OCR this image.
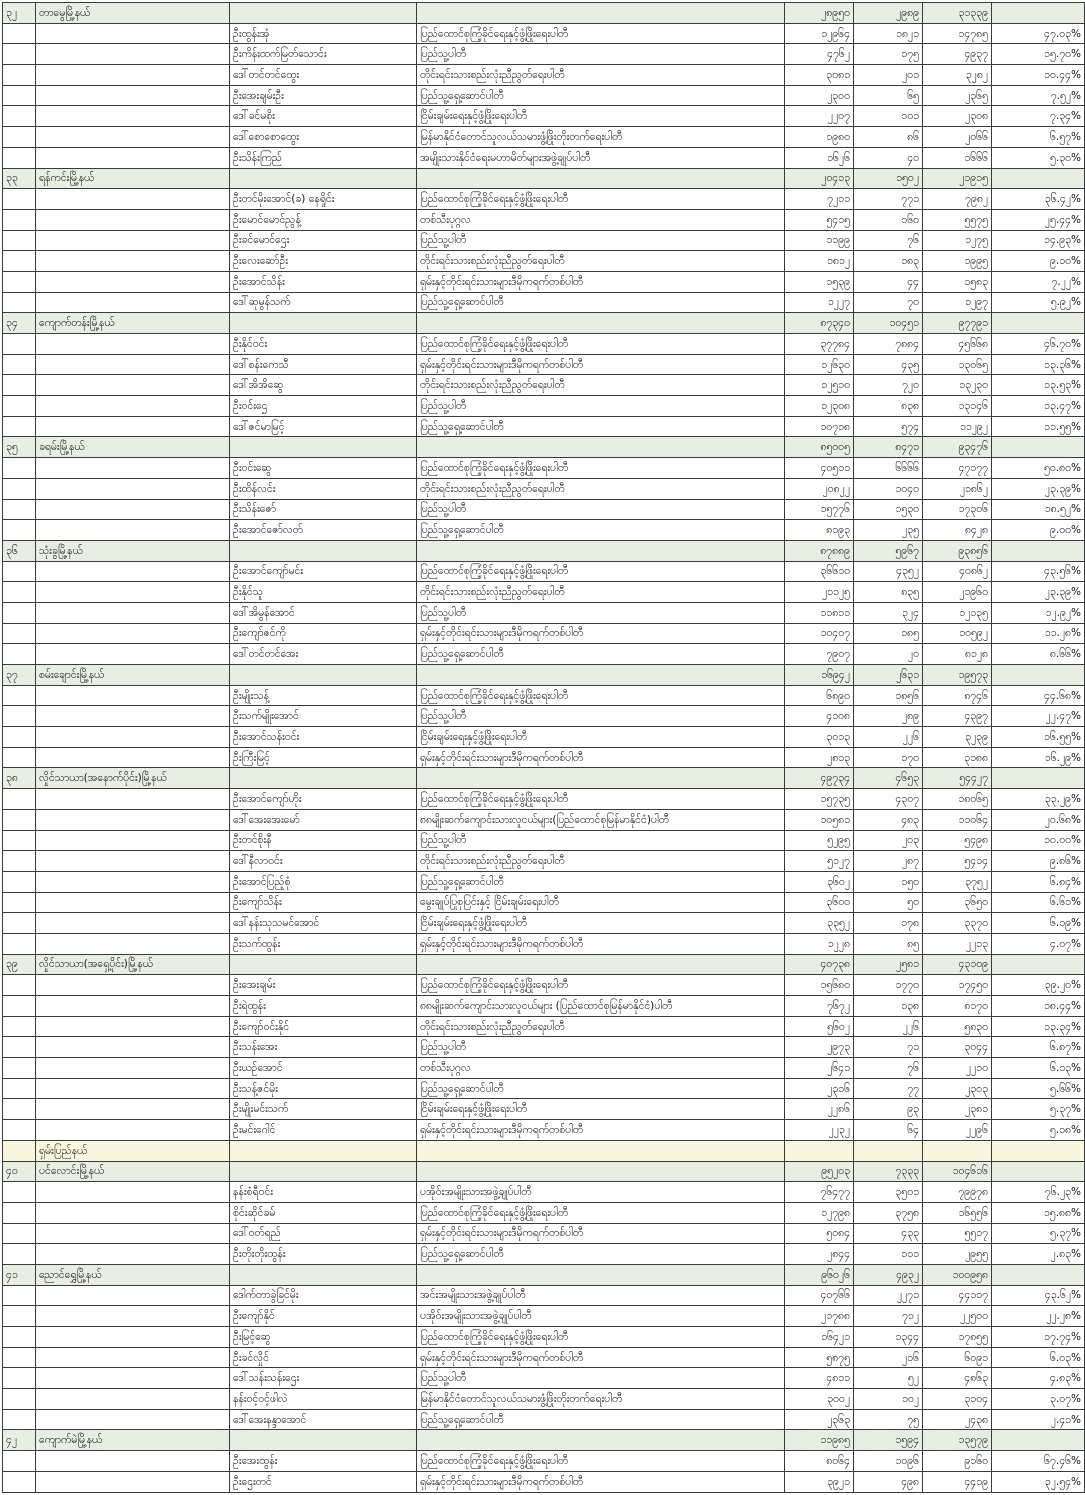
၃၂	တာမွေမြို့နယ်			၂၈၉၅၀	၂၉၈၉	၃၁၃၃၉	
		ဦးထွန်းအုံ	ပြည်ထောင်စုကြံ့ခိုင်ရေးနှင့်ဖွံ့ဖြိုးရေးပါတီ	၁၂၉၆၄	၁၈၂၁	၁၄၇၈၅	၄၇.၀၃%
		ဦးကိန်းထက်မြတ်သောင်း	ပြည်သူ့ပါတီ	၄၇၆၂	၁၇၅	၄၉၃၇	၁၅.၇၀%
		ဒေါ်တင်တင်ထွေး	တိုင်းရင်းသားစည်းလုံးညီညွတ်ရေးပါတီ	၃၀၈၁	၂၀၁	၃၂၈၂	၁၀.၄၄%
		ဦးအေးချမ်းဦး	ပြည်သူ့ရှေ့ဆောင်ပါတီ	၂၃၀၀	၆၅	၂၃၆၅	၇.၅၂%
		ဒေါ်ခင်မစိုး	ငြိမ်းချမ်းရေးနှင့်ဖွံ့ဖြိုးရေးပါတီ	၂၂၀၇	၁၀၁	၂၃၀၈	၇.၃၄%
		ဒေါ်စောစောထွေး	မြန်မာနိုင်ငံတောင်သူလယ်သမားဖွံ့ဖြိုးတိုးတက်ရေးပါတီ	၁၉၈၀	၈၆	၂၀၆၆	၆.၅၇%
		ဦးသိန်းကြည်	အမျိုးသားနိုင်ငံရေးမဟာမိတ်များအဖွဲ့ချုပ်ပါတီ	၁၆၂၆	၄၀	၁၆၆၆	၅.၃၀%
၃၃	ရန်ကင်းမြို့နယ်			၂၀၄၁၃	၁၅၀၂	၂၁၉၁၅	
		ဦးတင်မိုးအောင်(ခ) နေရှိုင်း	ပြည်ထောင်စုကြံ့ခိုင်ရေးနှင့်ဖွံ့ဖြိုးရေးပါတီ	၇၂၁၁	၇၇၁	၇၉၈၂	၃၆.၄၂%
		ဦးမောင်မောင်ညွန့်	တစ်သီးပုဂ္ဂလ	၅၄၁၅	၁၆၀	၅၅၇၅	၂၅.၄၄%
		ဦးခင်မောင်ဌေး	ပြည်သူ့ပါတီ	၁၁၉၉	၇၆	၁၂၇၅	၁၄.၉၃%
		ဦးလေးဆော်ဦး	တိုင်းရင်းသားစည်းလုံးညီညွတ်ရေးပါတီ	၁၈၁၂	၁၈၃	၁၉၉၅	၉.၁၀%
		ဦးအောင်သိန်း	ရှမ်းနှင့်တိုင်းရင်းသားများဒီမိုကရက်တစ်ပါတီ	၁၅၃၉	၄၄	၁၅၈၃	၇.၂၂%
		ဒေါ်ဆုမွန်သက်	ပြည်သူ့ရှေ့ဆောင်ပါတီ	၁၂၂၇	၇၀	၁၂၉၇	၅.၉၂%
၃၄	ကျောက်တန်းမြို့နယ်			၈၇၃၄၀	၁၀၄၅၁	၉၇၇၉၁	
		ဦးနိုင်ဝင်း	ပြည်ထောင်စုကြံ့ခိုင်ရေးနှင့်ဖွံ့ဖြိုးရေးပါတီ	၃၇၇၈၄	၇၈၈၄	၄၅၆၆၈	၄၆.၇၀%
		ဒေါ်စန်းကေသီ	ရှမ်းနှင့်တိုင်းရင်းသားများဒီမိုကရက်တစ်ပါတီ	၁၂၆၃၀	၄၃၅	၁၃၀၆၅	၁၃.၃၆%
		ဒေါ်အိအိဆွေ	တိုင်းရင်းသားစည်းလုံးညီညွတ်ရေးပါတီ	၁၂၅၁၀	၇၂၀	၁၃၂၃၀	၁၃.၅၃%
		ဦးဝင်းဌေ	ပြည်သူ့ပါတီ	၁၂၃၀၈	၈၃၈	၁၃၁၄၆	၁၃.၄၇%
		ဒေါ်ဇင်မာမြင့်	ပြည်သူ့ရှေ့ဆောင်ပါတီ	၁၀၇၁၈	၅၇၄	၁၁၂၉၂	၁၁.၅၅%
၃၅	ခရမ်းမြို့နယ်			၈၅၀၀၅	၈၄၇၁	၉၃၄၇၆	
		ဦးဝင်းဆွေ	ပြည်ထောင်စုကြံ့ခိုင်ရေးနှင့်ဖွံ့ဖြိုးရေးပါတီ	၄၀၅၁၁	၆၆၆၆	၄၇၁၇၇	၅၀.၈၀%
		ဦးထိန်လင်း	တိုင်းရင်းသားစည်းလုံးညီညွတ်ရေးပါတီ	၂၀၈၂၂	၁၀၄၀	၂၁၈၆၂	၂၃.၃၉%
		ဦးသိန်းဇော်	ပြည်သူ့ပါတီ	၁၅၇၇၆	၁၅၃၀	၁၇၃၀၆	၁၈.၅၂%
		ဦးအောင်ဇော်လတ်	ပြည်သူ့ရှေ့ဆောင်ပါတီ	၈၁၉၃	၂၃၅	၈၄၂၈	၉.၀၀%
၃၆	သုံးခွမြို့နယ်			၈၇၈၈၉	၅၉၆၇	၉၃၈၅၆	
		ဦးအောင်ကျော်မင်း	ပြည်ထောင်စုကြံ့ခိုင်ရေးနှင့်ဖွံ့ဖြိုးရေးပါတီ	၃၆၆၁၀	၄၃၅၂	၄၀၈၆၂	၄၃.၅၆%
		ဦးနိုင်သူ	တိုင်းရင်းသားစည်းလုံးညီညွတ်ရေးပါတီ	၂၁၁၂၅	၈၃၅	၂၁၉၆၀	၂၃.၃၉%
		ဒေါ်အိမွန်အောင်	ပြည်သူ့ပါတီ	၁၁၈၁၁	၃၂၄	၁၂၁၃၅	၁၂.၉၂%
		ဦးကျော်ဇင်ကို	ရှမ်းနှင့်တိုင်းရင်းသားများဒီမိုကရက်တစ်ပါတီ	၁၀၄၀၇	၁၈၅	၁၀၅၉၂	၁၁.၂၈%
		ဒေါ်တင်တင်အေး	ပြည်သူ့ရှေ့ဆောင်ပါတီ	၇၉၀၇	၂၀	၈၁၂၈	၈.၆၆%
၃၇	စမ်းချောင်းမြို့နယ်			၁၆၉၄၂	၂၆၃၁	၁၉၅၇၃	
		ဦးမျိုးသန့်	ပြည်ထောင်စုကြံ့ခိုင်ရေးနှင့်ဖွံ့ဖြိုးရေးပါတီ	၆၈၉၀	၁၈၅၆	၈၇၄၆	၄၄.၆၈%
		ဦးသက်မျိုးအောင်	ပြည်သူ့ပါတီ	၄၁၀၈	၂၈၉	၄၃၉၇	၂၂.၄၇%
		ဦးအောင်သန်းဝင်း	ငြိမ်းချမ်းရေးနှင့်ဖွံ့ဖြိုးရေးပါတီ	၃၀၁၃	၂၂၆	၃၂၃၉	၁၆.၅၅%
		ဦးကြီးမြင့်	ရှမ်းနှင့်တိုင်းရင်းသားများဒီမိုကရက်တစ်ပါတီ	၂၈၁၃	၁၇၀	၃၁၈၈	၁၆.၂၉%
၃၈	လှိုင်သာယာ(အနောက်ပိုင်း)မြို့နယ်			၄၉၇၃၄	၄၆၅၃	၅၄၄၂၇	
		ဦးအောင်ကျော်ဟိုး	ပြည်ထောင်စုကြံ့ခိုင်ရေးနှင့်ဖွံ့ဖြိုးရေးပါတီ	၁၅၇၃၅	၄၃၀၇	၁၈၀၆၅	၃၃.၂၉%
		ဒေါ်အေးအေးမော်	၈၈မျိုးဆက်ကျောင်းသားလူငယ်များ(ပြည်ထောင်စုမြန်မာနိုင်ငံ)ပါတီ	၁၀၅၈၁	၄၈၃	၁၁၀၆၄	၂၀.၆၈%
		ဦးတင်စိုးနီ	ပြည်သူ့ပါတီ	၅၂၉၅	၂၀၃	၅၄၉၈	၁၀.၀၀%
		ဒေါ်နီလာဝင်း	တိုင်းရင်းသားစည်းလုံးညီညွတ်ရေးပါတီ	၅၁၂၇	၂၈၇	၅၄၁၄	၉.၈၆%
		ဦးအောင်ပြည့်စုံ	ပြည်သူ့ရှေ့ဆောင်ပါတီ	၃၆၀၂	၁၅၀	၃၇၅၂	၆.၈၄%
		ဦးကျော်သိန်း	မွေးချုပ်ပြုစုပြင်းနှင့် ငြိမ်းချမ်းရေးပါတီ	၃၆၀၀	၅၀	၃၆၅၀	၆.၆၁%
		ဒေါ်နန်းသုသမင်အောင်	ငြိမ်းချမ်းရေးနှင့်ဖွံ့ဖြိုးရေးပါတီ	၃၃၅၂	၁၇၈	၃၃၇၀	၆.၁၉%
		ဦးသက်ထွန်း	ရှမ်းနှင့်တိုင်းရင်းသားများဒီမိုကရက်တစ်ပါတီ	၁၂၂၈	၈၅	၂၂၁၃	၄.၀၇%
၃၉	လှိုင်သာယာ(အရှေ့ပိုင်း)မြို့နယ်			၄၀၇၃၈	၂၅၈၁	၄၃၁၀၉	
		ဦးအေးချမ်း	ပြည်ထောင်စုကြံ့ခိုင်ရေးနှင့်ဖွံ့ဖြိုးရေးပါတီ	၁၅၆၈၀	၁၇၇၀	၁၇၄၅၀	၃၉.၂၀%
		ဦးရဲထွန်း	၈၈မျိုးဆက်ကျောင်းသားလူငယ်များ (ပြည်ထောင်စုမြန်မာနိုင်ငံ)ပါတီ	၇၆၇၂	၁၃၈	၈၁၇၀	၁၈.၄၄%
		ဦးကျော်ဝင်းနိုင်	တိုင်းရင်းသားစည်းလုံးညီညွတ်ရေးပါတီ	၅၆၀၂	၂၂၆	၅၈၃၀	၁၃.၃၄%
		ဦးသန်းအေး	ပြည်သူ့ပါတီ	၂၉၇၃	၇၁	၃၀၄၄	၆.၈၇%
		ဦးယဉ်အောင်	တစ်သီးပုဂ္ဂလ	၂၆၄၁	၇၆	၂၂၁၀	၆.၁၃%
		ဦးသန့်ဇင်မိုး	ပြည်သူ့ရှေ့ဆောင်ပါတီ	၂၃၁၆	၇၇	၂၃၀၃	၅.၆၆%
		ဦးမျိုးမင်းသက်	ငြိမ်းချမ်းရေးနှင့်ဖွံ့ဖြိုးရေးပါတီ	၂၂၈၆	၉၃	၂၃၈၁	၅.၃၇%
		ဦးမင်းဂေါင်	ရှမ်းနှင့်တိုင်းရင်းသားများဒီမိုကရက်တစ်ပါတီ	၂၂၃၂	၆၄	၂၂၉၆	၅.၁၈%
	ရှမ်းပြည်နယ်						
၄၀	ပင်လောင်းမြို့နယ်			၉၅၂၀၃	၇၃၃၃	၁၀၄၆၁၆	
		နန်းစံရီဝင်း	ပအိုဝ်းအမျိုးသားအဖွဲ့ချုပ်ပါတီ	၇၆၄၇၇	၃၅၀၁	၇၉၉၇၈	၇၆.၂၃%
		စိုင်းဆိုင်ခမ်	ပြည်ထောင်စုကြံ့ခိုင်ရေးနှင့်ဖွံ့ဖြိုးရေးပါတီ	၁၂၇၉၈	၃၇၅၈	၁၆၅၅၆	၁၅.၈၈%
		ဒေါ်ဝတ်ရည်	ရှမ်းနှင့်တိုင်းရင်းသားများဒီမိုကရက်တစ်ပါတီ	၅၀၈၄	၄၃၃	၅၅၁၇	၅.၃၇%
		ဦးတိုးတိုးထွန်း	ပြည်သူ့ရှေ့ဆောင်ပါတီ	၂၈၄၄	၁၁၁	၂၉၅၅	၂.၈၃%
၄၁	ညောင်ရွှေမြို့နယ်			၉၆၀၂၆	၄၉၃၂	၁၀၀၉၅၈	
		ဒေါက်တာခွဲခြင်မိုး	အင်းအမျိုးသားအဖွဲ့ချုပ်ပါတီ	၄၀၇၆၆	၂၂၇၁	၄၄၁၁၇	၄၃.၆၂%
		ဦးကျော်နိုင်	ပအိုဝ်းအမျိုးသားအဖွဲ့ချုပ်ပါတီ	၂၁၇၈၈	၇၁၂	၂၂၅၀၀	၂၂.၂၈%
		ဦးမြင့်ဆွေ	ပြည်ထောင်စုကြံ့ခိုင်ရေးနှင့်ဖွံ့ဖြိုးရေးပါတီ	၁၆၄၂၁	၁၃၄၄	၁၇၈၅၅	၁၇.၇၄%
		ဦးခင်လှိုင်	ရှမ်းနှင့်တိုင်းရင်းသားများဒီမိုကရက်တစ်ပါတီ	၅၈၇၅	၂၁၆	၆၀၉၁	၆.၀၃%
		ဒေါ်သန်းသန်းဌေး	ပြည်သူ့ပါတီ	၄၈၁၁	၅၂	၄၈၆၃	၄.၈၃%
		နန်းဝင့်ဝင့်ဖါလဲ	မြန်မာနိုင်ငံတောင်သူလယ်သမားဖွံ့ဖြိုးတိုးတက်ရေးပါတီ	၃၀၀၂	၁၀၂	၃၁၀၄	၃.၀၇%
		ဒေါ်အေးနန္ဒာအောင်	ပြည်သူ့ရှေ့ဆောင်ပါတီ	၂၃၆၃	၇၅	၂၄၃၈	၂.၄၁%
၄၂	ကျောက်မဲမြို့နယ်			၁၁၉၈၅	၁၅၉၄	၁၃၅၇၉	
		ဦးအေးထွန်း	ပြည်ထောင်စုကြံ့ခိုင်ရေးနှင့်ဖွံ့ဖြိုးရေးပါတီ	၈၀၆၄	၁၀၉၆	၉၁၆၀	၆၇.၄၆%
		ဦးဌေးတင်	ရှမ်းနှင့်တိုင်းရင်းသားများဒီမိုကရက်တစ်ပါတီ	၃၉၂၁	၄၉၈	၄၄၁၉	၃၂.၅၄%
